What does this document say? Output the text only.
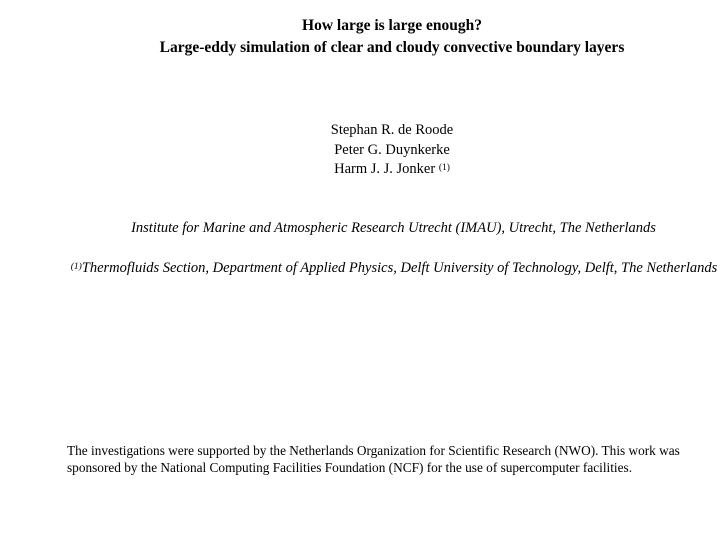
How large is large enough?
Large-eddy simulation of clear and cloudy convective boundary layers
Stephan R. de Roode
Peter G. Duynkerke
Harm J. J. Jonker $^{(1)}$
Institute for Marine and Atmospheric Research Utrecht (IMAU), Utrecht, The Netherlands
$^{(1)}$Thermofluids Section, Department of Applied Physics, Delft University of Technology, Delft, The Netherlands
The investigations were supported by the Netherlands Organization for Scientific Research (NWO). This work was sponsored by the National Computing Facilities Foundation (NCF) for the use of supercomputer facilities.
